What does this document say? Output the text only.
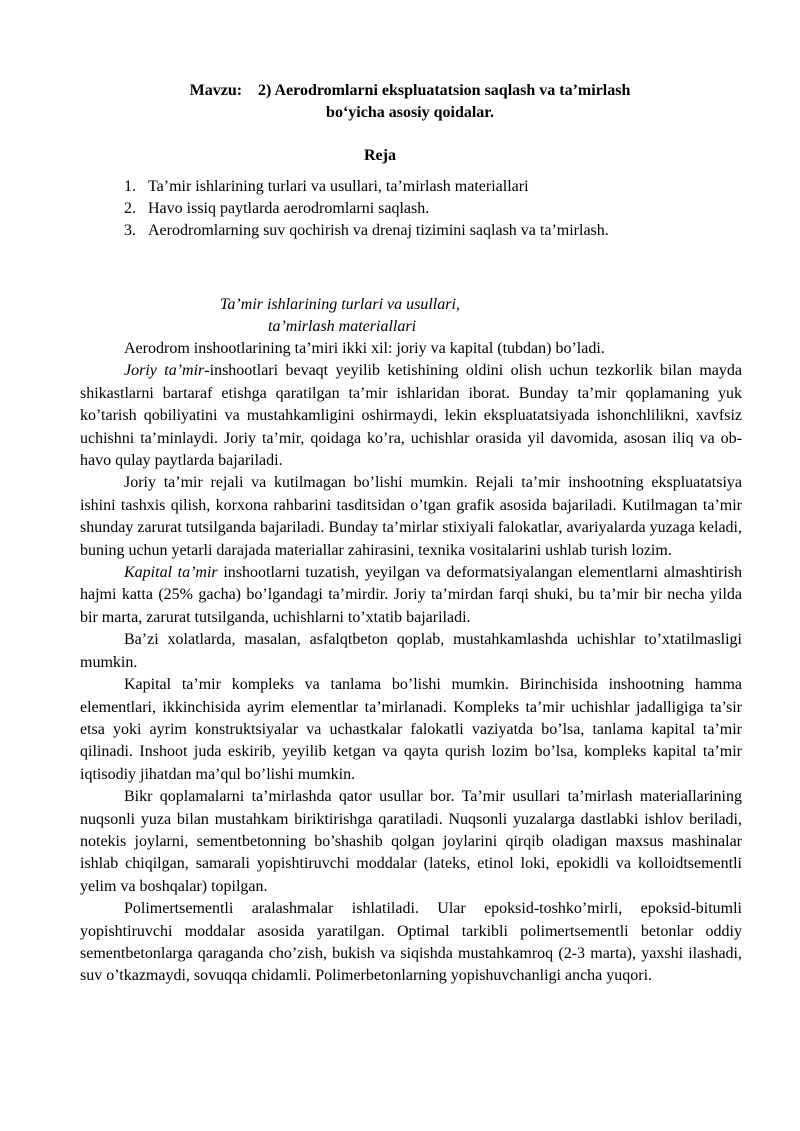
Mavzu:    2) Aerodromlarni ekspluatatsion saqlash va ta’mirlash
bo‘yicha asosiy qoidalar.
Reja
1. Ta’mir ishlarining turlari va usullari, ta’mirlash materiallari
2. Havo issiq paytlarda aerodromlarni saqlash.
3. Aerodromlarning suv qochirish va drenaj tizimini saqlash va ta’mirlash.
Ta’mir ishlarining turlari va usullari,
ta’mirlash materiallari

Aerodrom inshootlarining ta’miri ikki xil: joriy va kapital (tubdan) bo’ladi.

Joriy ta’mir-inshootlari bevaqt yeyilib ketishining oldini olish uchun tezkorlik bilan mayda shikastlarni bartaraf etishga qaratilgan ta’mir ishlaridan iborat. Bunday ta’mir qoplamaning yuk ko’tarish qobiliyatini va mustahkamligini oshirmaydi, lekin ekspluatatsiyada ishonchlilikni, xavfsiz uchishni ta’minlaydi. Joriy ta’mir, qoidaga ko’ra, uchishlar orasida yil davomida, asosan iliq va ob-havo qulay paytlarda bajariladi.

Joriy ta’mir rejali va kutilmagan bo’lishi mumkin. Rejali ta’mir inshootning ekspluatatsiya ishini tashxis qilish, korxona rahbarini tasditsidan o’tgan grafik asosida bajariladi. Kutilmagan ta’mir shunday zarurat tutsilganda bajariladi. Bunday ta’mirlar stixiyali falokatlar, avariyalarda yuzaga keladi, buning uchun yetarli darajada materiallar zahirasini, texnika vositalarini ushlab turish lozim.

Kapital ta’mir inshootlarni tuzatish, yeyilgan va deformatsiyalangan elementlarni almashtirish hajmi katta (25% gacha) bo’lgandagi ta’mirdir. Joriy ta’mirdan farqi shuki, bu ta’mir bir necha yilda bir marta, zarurat tutsilganda, uchishlarni to’xtatib bajariladi.

Ba’zi xolatlarda, masalan, asfalqtbeton qoplab, mustahkamlashda uchishlar to’xtatilmasligi mumkin.

Kapital ta’mir kompleks va tanlama bo’lishi mumkin. Birinchisida inshootning hamma elementlari, ikkinchisida ayrim elementlar ta’mirlanadi. Kompleks ta’mir uchishlar jadalligiga ta’sir etsa yoki ayrim konstruktsiyalar va uchastkalar falokatli vaziyatda bo’lsa, tanlama kapital ta’mir qilinadi. Inshoot juda eskirib, yeyilib ketgan va qayta qurish lozim bo’lsa, kompleks kapital ta’mir iqtisodiy jihatdan ma’qul bo’lishi mumkin.

Bikr qoplamalarni ta’mirlashda qator usullar bor. Ta’mir usullari ta’mirlash materiallarining nuqsonli yuza bilan mustahkam biriktirishga qaratiladi. Nuqsonli yuzalarga dastlabki ishlov beriladi, notekis joylarni, sementbetonning bo’shashib qolgan joylarini qirqib oladigan maxsus mashinalar ishlab chiqilgan, samarali yopishtiruvchi moddalar (lateks, etinol loki, epokidli va kolloidtsementli yelim va boshqalar) topilgan.

Polimertsementli aralashmalar ishlatiladi. Ular epoksid-toshko’mirli, epoksid-bitumli yopishtiruvchi moddalar asosida yaratilgan. Optimal tarkibli polimertsementli betonlar oddiy sementbetonlarga qaraganda cho’zish, bukish va siqishda mustahkamroq (2-3 marta), yaxshi ilashadi, suv o’tkazmaydi, sovuqqa chidamli. Polimerbetonlarning yopishuvchanligi ancha yuqori.
